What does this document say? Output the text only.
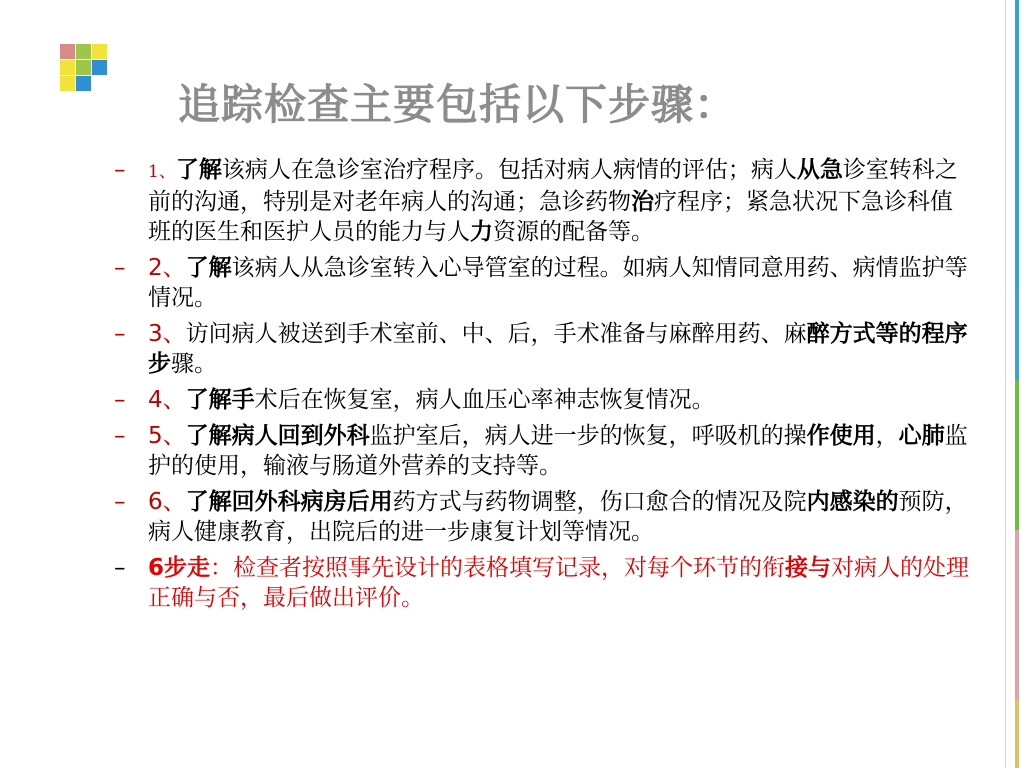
追踪检查主要包括以下步骤：
– 1、了解该病人在急诊室治疗程序。包括对病人病情的评估；病人从急诊室转科之前的沟通，特别是对老年病人的沟通；急诊药物治疗程序；紧急状况下急诊科值班的医生和医护人员的能力与人力资源的配备等。
– 2、了解该病人从急诊室转入心导管室的过程。如病人知情同意用药、病情监护等情况。
– 3、访问病人被送到手术室前、中、后，手术准备与麻醉用药、麻醉方式等的程序步骤。
– 4、了解手术后在恢复室，病人血压心率神志恢复情况。
– 5、了解病人回到外科监护室后，病人进一步的恢复，呼吸机的操作使用，心肺监护的使用，输液与肠道外营养的支持等。
– 6、了解回外科病房后用药方式与药物调整，伤口愈合的情况及院内感染的预防，病人健康教育，出院后的进一步康复计划等情况。
– 6步走：检查者按照事先设计的表格填写记录，对每个环节的衔接与对病人的处理正确与否，最后做出评价。
